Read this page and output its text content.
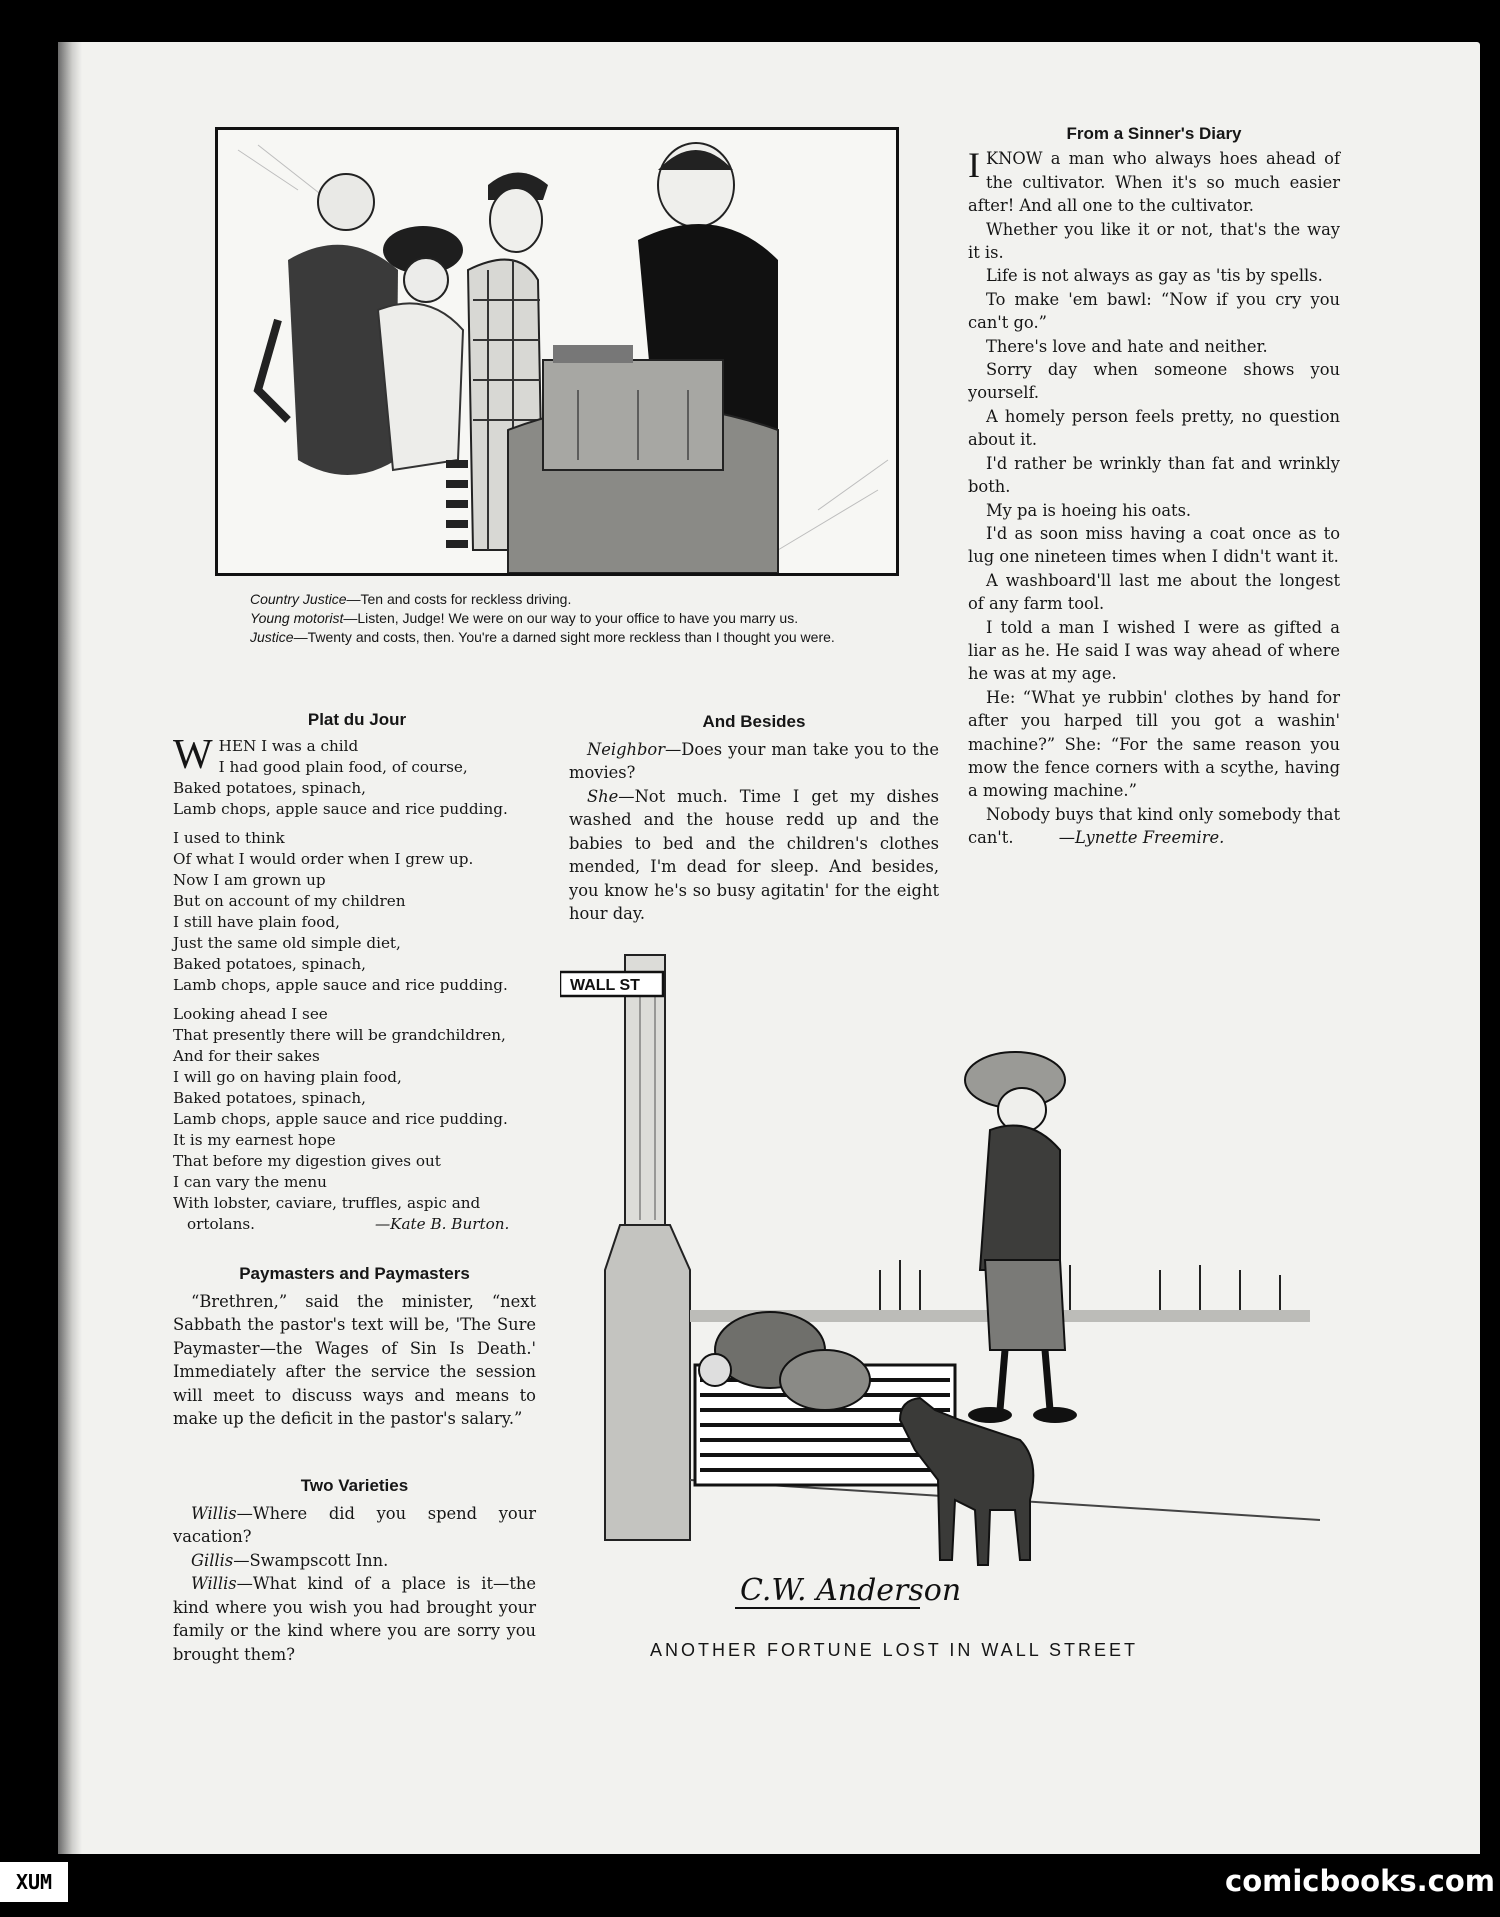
Country Justice—Ten and costs for reckless driving.

Young motorist—Listen, Judge! We were on our way to your office to have you marry us.

Justice—Twenty and costs, then. You're a darned sight more reckless than I thought you were.

Plat du Jour
WHEN I was a child
I had good plain food, of course,
Baked potatoes, spinach,
Lamb chops, apple sauce and rice pudding.
I used to think
Of what I would order when I grew up.
Now I am grown up
But on account of my children
I still have plain food,
Just the same old simple diet,
Baked potatoes, spinach,
Lamb chops, apple sauce and rice pudding.
Looking ahead I see
That presently there will be grandchildren,
And for their sakes
I will go on having plain food,
Baked potatoes, spinach,
Lamb chops, apple sauce and rice pudding.
It is my earnest hope
That before my digestion gives out
I can vary the menu
With lobster, caviare, truffles, aspic and
ortolans.	—Kate B. Burton.
Paymasters and Paymasters

“Brethren,” said the minister, “next Sabbath the pastor's text will be, 'The Sure Paymaster—the Wages of Sin Is Death.' Immediately after the service the session will meet to discuss ways and means to make up the deficit in the pastor's salary.”

Two Varieties

Willis—Where did you spend your vacation?

Gillis—Swampscott Inn.

Willis—What kind of a place is it—the kind where you wish you had brought your family or the kind where you are sorry you brought them?

And Besides

Neighbor—Does your man take you to the movies?

She—Not much. Time I get my dishes washed and the house redd up and the babies to bed and the children's clothes mended, I'm dead for sleep. And besides, you know he's so busy agitatin' for the eight hour day.

From a Sinner's Diary

IKNOW a man who always hoes ahead of the cultivator. When it's so much easier after! And all one to the cultivator.

Whether you like it or not, that's the way it is.

Life is not always as gay as 'tis by spells.

To make 'em bawl: “Now if you cry you can't go.”

There's love and hate and neither.

Sorry day when someone shows you yourself.

A homely person feels pretty, no question about it.

I'd rather be wrinkly than fat and wrinkly both.

My pa is hoeing his oats.

I'd as soon miss having a coat once as to lug one nineteen times when I didn't want it.

A washboard'll last me about the longest of any farm tool.

I told a man I wished I were as gifted a liar as he. He said I was way ahead of where he was at my age.

He: “What ye rubbin' clothes by hand for after you harped till you got a washin' machine?” She: “For the same reason you mow the fence corners with a scythe, having a mowing machine.”

Nobody buys that kind only somebody that can't.	—Lynette Freemire.

WALL ST
C.W. Anderson
ANOTHER FORTUNE LOST IN WALL STREET
XUM	comicbooks.com
